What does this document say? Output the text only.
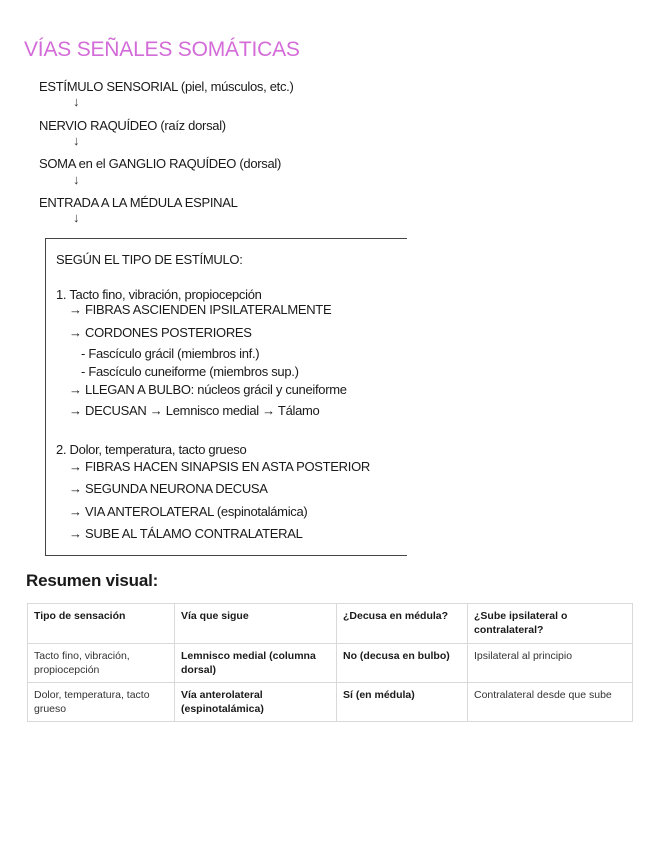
VÍAS SEÑALES SOMÁTICAS
ESTÍMULO SENSORIAL (piel, músculos, etc.)
↓
NERVIO RAQUÍDEO (raíz dorsal)
↓
SOMA en el GANGLIO RAQUÍDEO (dorsal)
↓
ENTRADA A LA MÉDULA ESPINAL
↓
SEGÚN EL TIPO DE ESTÍMULO:
1. Tacto fino, vibración, propiocepción
→ FIBRAS ASCIENDEN IPSILATERALMENTE
→ CORDONES POSTERIORES
- Fascículo grácil (miembros inf.)
- Fascículo cuneiforme (miembros sup.)
→ LLEGAN A BULBO: núcleos grácil y cuneiforme
→ DECUSAN → Lemnisco medial → Tálamo
2. Dolor, temperatura, tacto grueso
→ FIBRAS HACEN SINAPSIS EN ASTA POSTERIOR
→ SEGUNDA NEURONA DECUSA
→ VIA ANTEROLATERAL (espinotalámica)
→ SUBE AL TÁLAMO CONTRALATERAL
Resumen visual:
Tipo de sensación	Vía que sigue	¿Decusa en médula?	¿Sube ipsilateral o contralateral?
Tacto fino, vibración, propiocepción	Lemnisco medial (columna dorsal)	No (decusa en bulbo)	Ipsilateral al principio
Dolor, temperatura, tacto grueso	Vía anterolateral (espinotalámica)	Sí (en médula)	Contralateral desde que sube
